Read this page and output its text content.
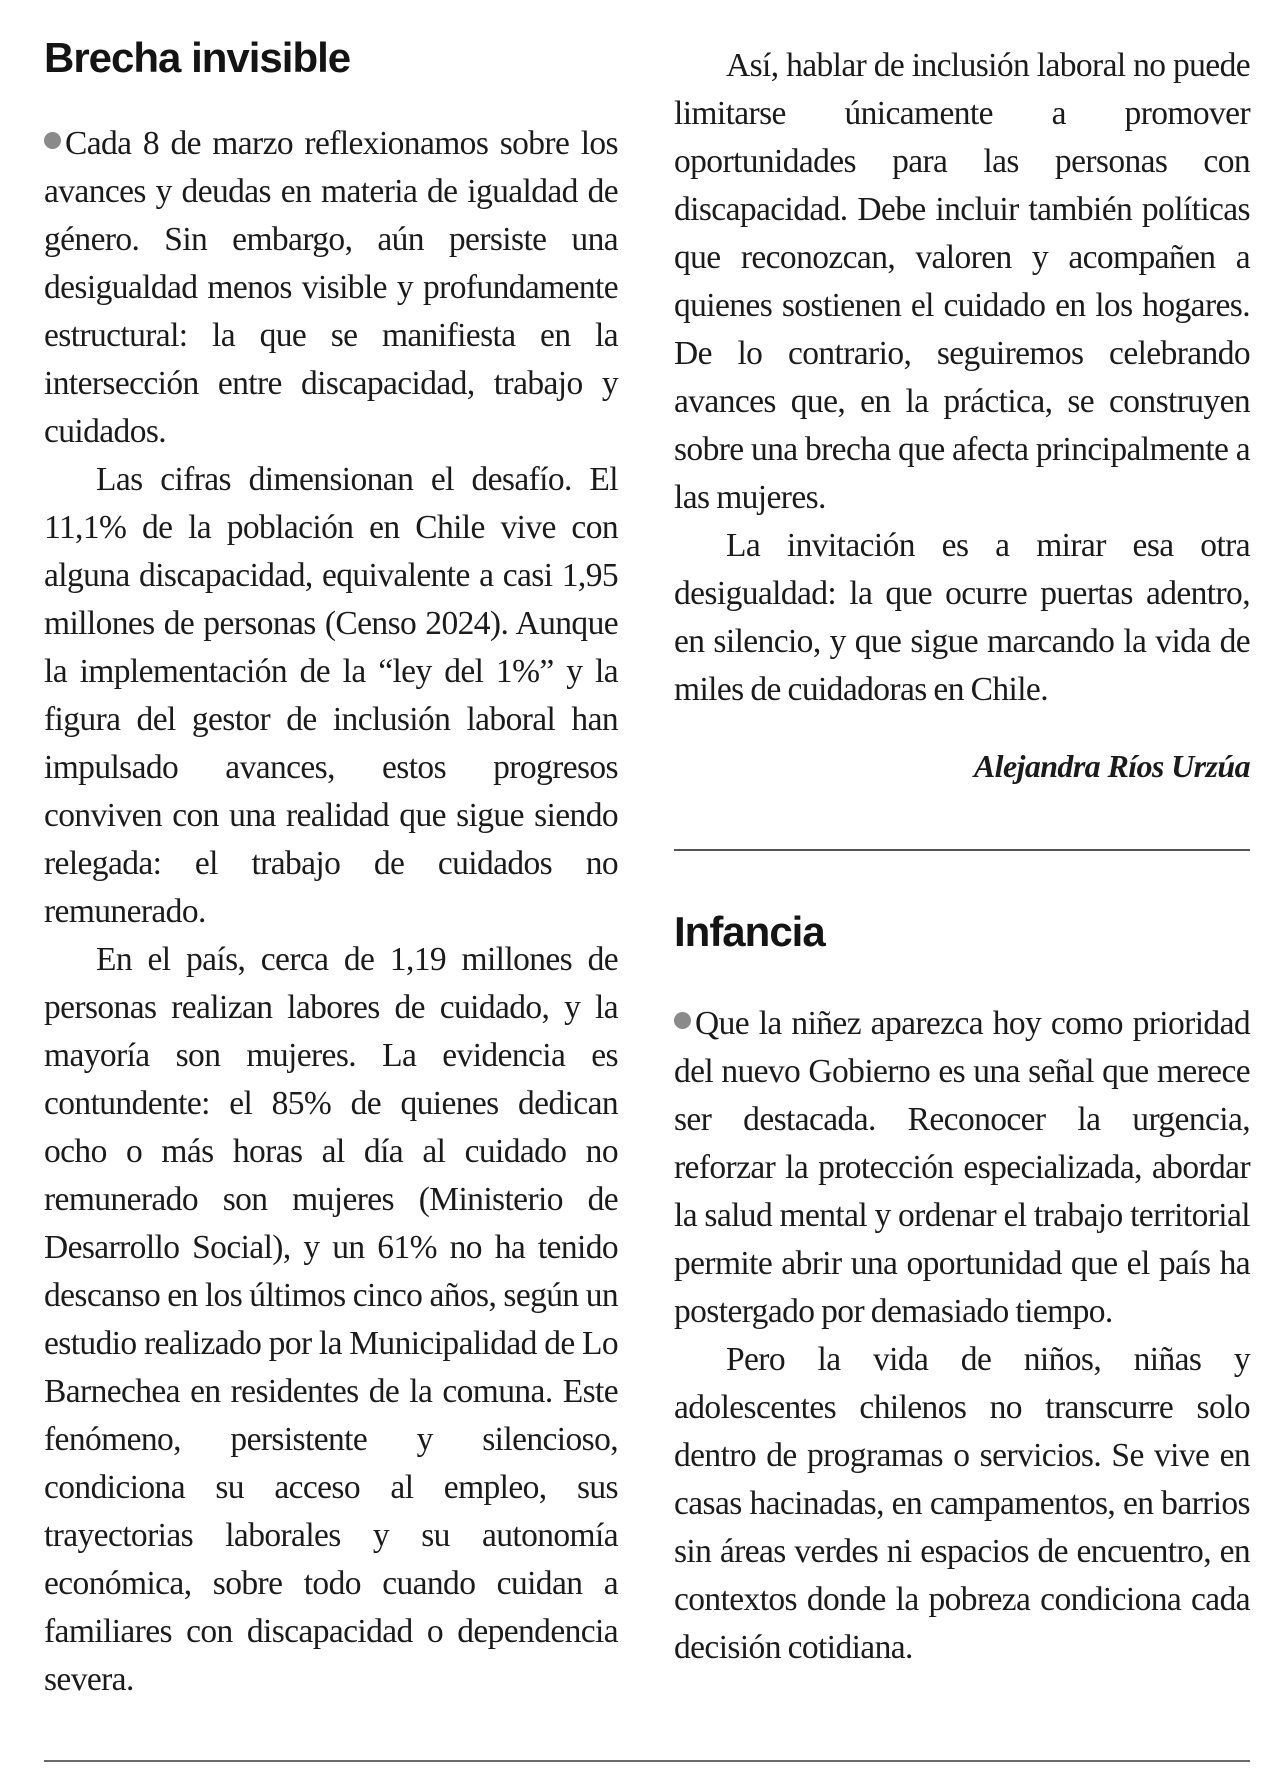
Brecha invisible

Cada 8 de marzo reflexionamos sobre los avances y deudas en materia de igualdad de género. Sin embargo, aún persiste una desigualdad menos visible y profundamente estructural: la que se manifiesta en la intersección entre discapacidad, trabajo y cuidados.

Las cifras dimensionan el desafío. El 11,1% de la población en Chile vive con alguna discapacidad, equivalente a casi 1,95 millones de personas (Censo 2024). Aunque la implementación de la “ley del 1%” y la figura del gestor de inclusión laboral han impulsado avances, estos progresos conviven con una realidad que sigue siendo relegada: el trabajo de cuidados no remunerado.

En el país, cerca de 1,19 millones de personas realizan labores de cuidado, y la mayoría son mujeres. La evidencia es contundente: el 85% de quienes dedican ocho o más horas al día al cuidado no remunerado son mujeres (Ministerio de Desarrollo Social), y un 61% no ha tenido descanso en los últimos cinco años, según un estudio realizado por la Municipalidad de Lo Barnechea en residentes de la comuna. Este fenómeno, persistente y silencioso, condiciona su acceso al empleo, sus trayectorias laborales y su autonomía económica, sobre todo cuando cuidan a familiares con discapacidad o dependencia severa.

Así, hablar de inclusión laboral no puede limitarse únicamente a promover oportunidades para las personas con discapacidad. Debe incluir también políticas que reconozcan, valoren y acompañen a quienes sostienen el cuidado en los hogares. De lo contrario, seguiremos celebrando avances que, en la práctica, se construyen sobre una brecha que afecta principalmente a las mujeres.

La invitación es a mirar esa otra desigualdad: la que ocurre puertas adentro, en silencio, y que sigue marcando la vida de miles de cuidadoras en Chile.

Alejandra Ríos Urzúa

Infancia

Que la niñez aparezca hoy como prioridad del nuevo Gobierno es una señal que merece ser destacada. Reconocer la urgencia, reforzar la protección especializada, abordar la salud mental y ordenar el trabajo territorial permite abrir una oportunidad que el país ha postergado por demasiado tiempo.

Pero la vida de niños, niñas y adolescentes chilenos no transcurre solo dentro de programas o servicios. Se vive en casas hacinadas, en campamentos, en barrios sin áreas verdes ni espacios de encuentro, en contextos donde la pobreza condiciona cada decisión cotidiana.
